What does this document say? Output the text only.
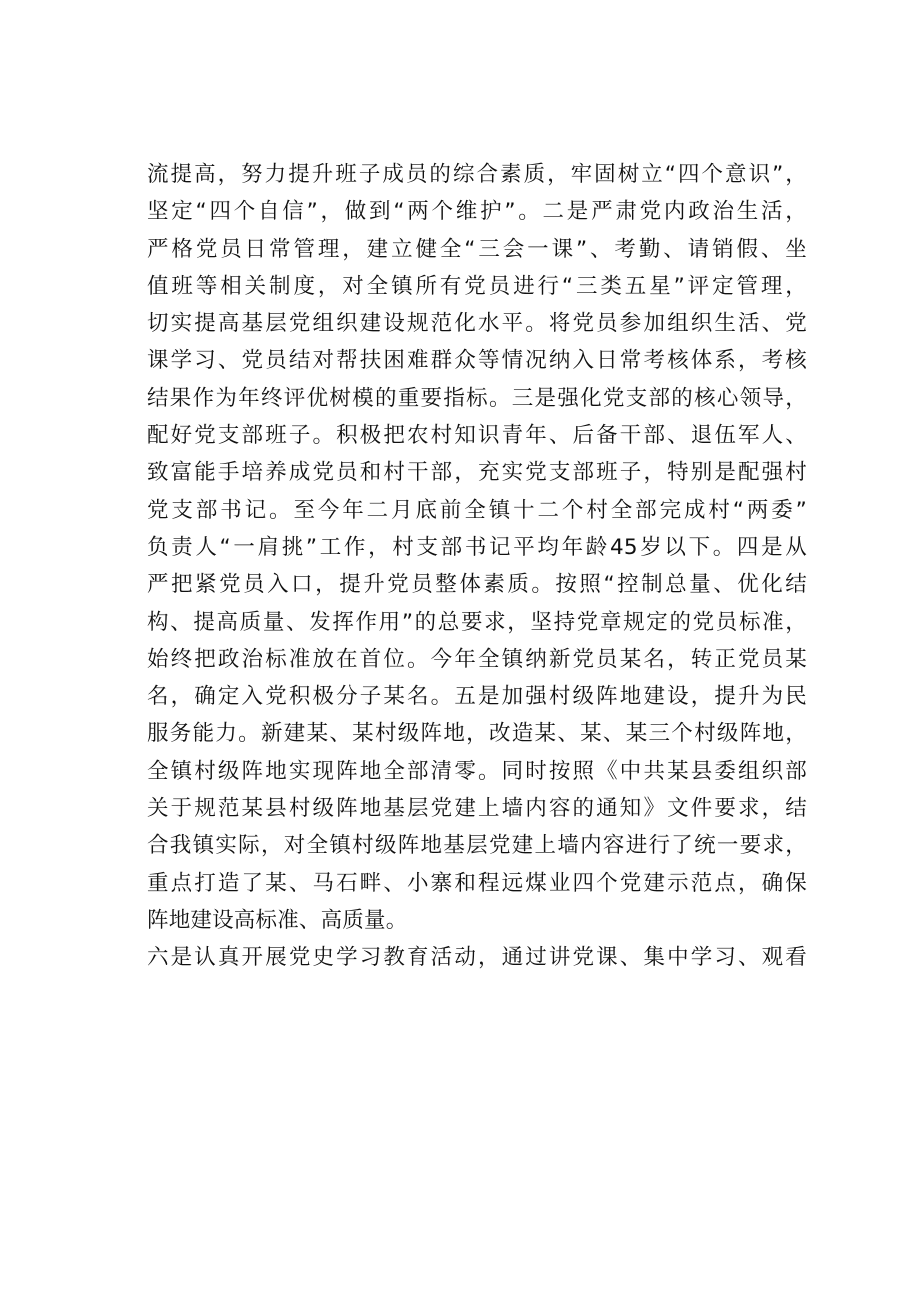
流提高，努力提升班子成员的综合素质，牢固树立“四个意识”，
坚定“四个自信”，做到“两个维护”。二是严肃党内政治生活，
严格党员日常管理，建立健全“三会一课”、考勤、请销假、坐
值班等相关制度，对全镇所有党员进行“三类五星”评定管理，
切实提高基层党组织建设规范化水平。将党员参加组织生活、党
课学习、党员结对帮扶困难群众等情况纳入日常考核体系，考核
结果作为年终评优树模的重要指标。三是强化党支部的核心领导，
配好党支部班子。积极把农村知识青年、后备干部、退伍军人、
致富能手培养成党员和村干部，充实党支部班子，特别是配强村
党支部书记。至今年二月底前全镇十二个村全部完成村“两委”
负责人“一肩挑”工作，村支部书记平均年龄45岁以下。四是从
严把紧党员入口，提升党员整体素质。按照“控制总量、优化结
构、提高质量、发挥作用”的总要求，坚持党章规定的党员标准，
始终把政治标准放在首位。今年全镇纳新党员某名，转正党员某
名，确定入党积极分子某名。五是加强村级阵地建设，提升为民
服务能力。新建某、某村级阵地，改造某、某、某三个村级阵地，
全镇村级阵地实现阵地全部清零。同时按照《中共某县委组织部
关于规范某县村级阵地基层党建上墙内容的通知》文件要求，结
合我镇实际，对全镇村级阵地基层党建上墙内容进行了统一要求，
重点打造了某、马石畔、小寨和程远煤业四个党建示范点，确保
阵地建设高标准、高质量。
六是认真开展党史学习教育活动，通过讲党课、集中学习、观看
